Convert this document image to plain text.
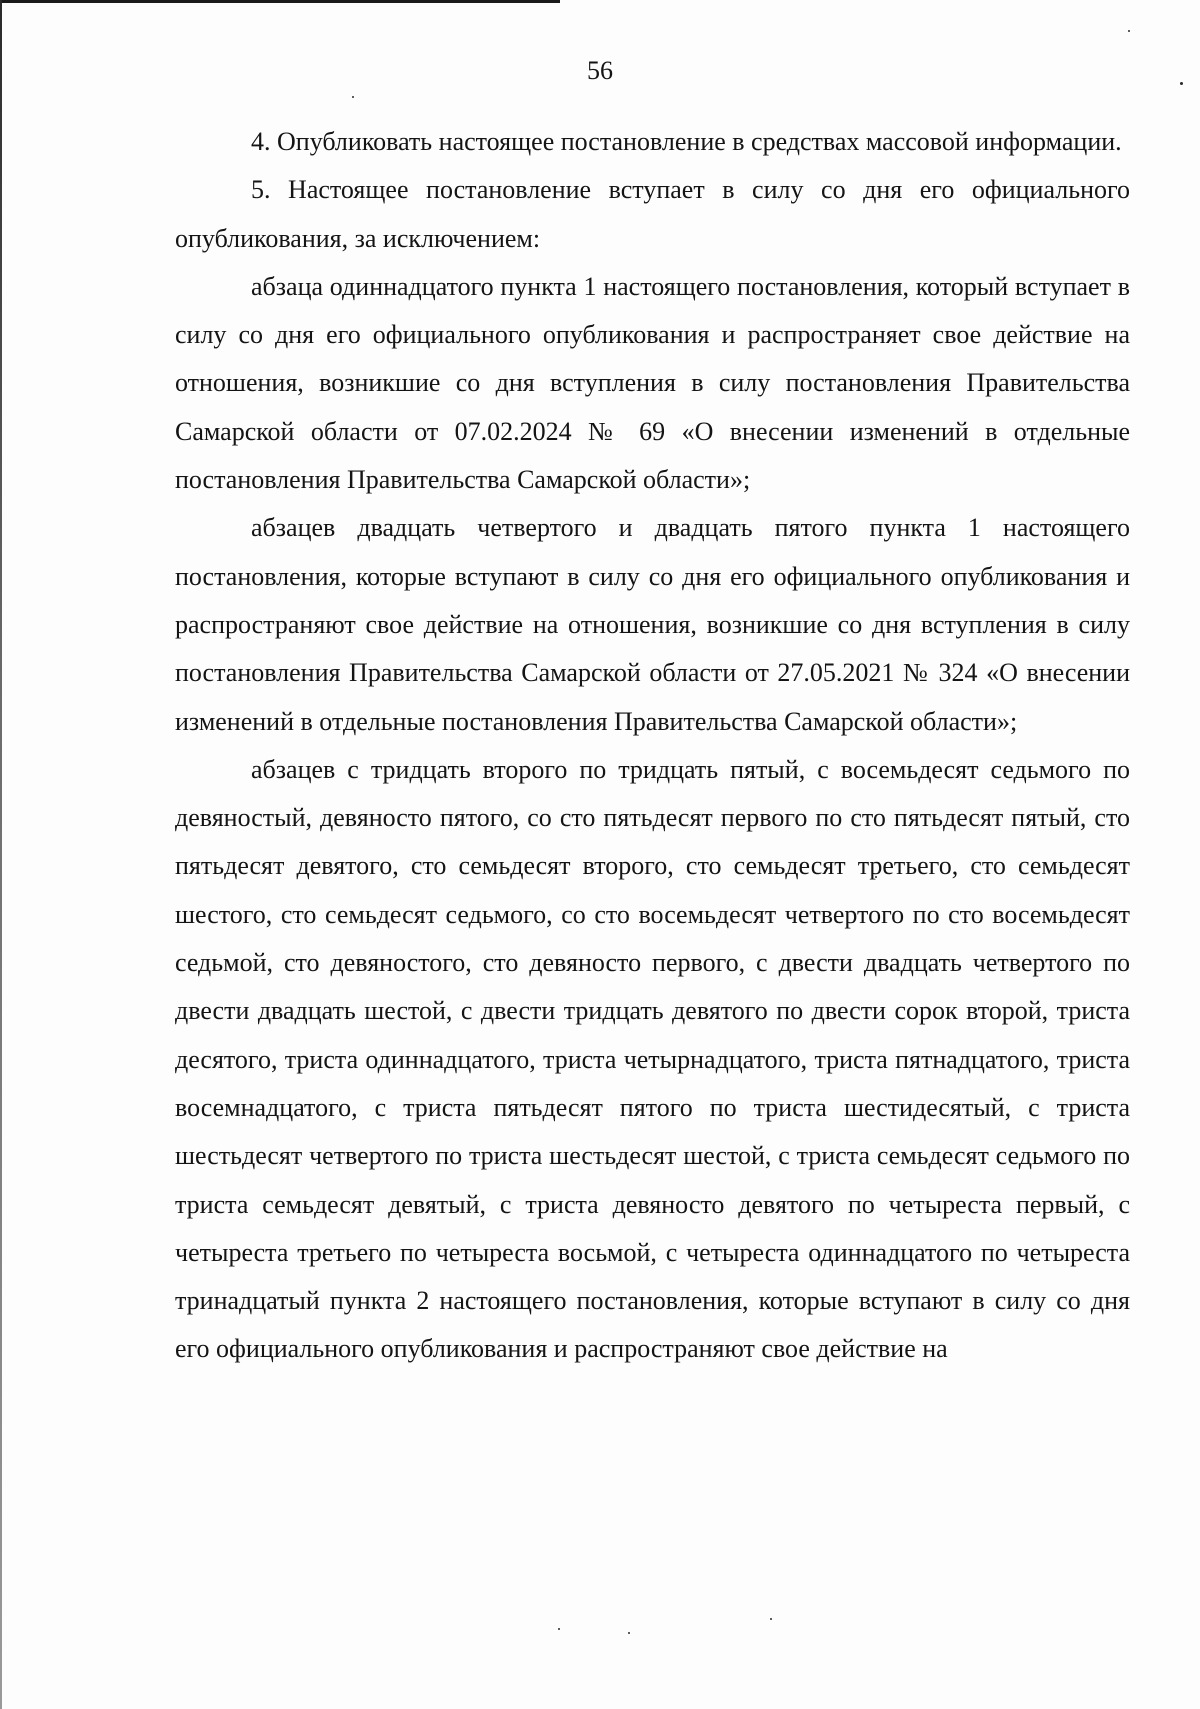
56

4. Опубликовать настоящее постановление в средствах массовой информации.

5. Настоящее постановление вступает в силу со дня его официального опубликования, за исключением:

абзаца одиннадцатого пункта 1 настоящего постановления, который вступает в силу со дня его официального опубликования и распространяет свое действие на отношения, возникшие со дня вступления в силу постановления Правительства Самарской области от 07.02.2024 № 69 «О внесении изменений в отдельные постановления Правительства Самарской области»;

абзацев двадцать четвертого и двадцать пятого пункта 1 настоящего постановления, которые вступают в силу со дня его официального опубликования и распространяют свое действие на отношения, возникшие со дня вступления в силу постановления Правительства Самарской области от 27.05.2021 № 324 «О внесении изменений в отдельные постановления Правительства Самарской области»;

абзацев с тридцать второго по тридцать пятый, с восемьдесят седьмого по девяностый, девяносто пятого, со сто пятьдесят первого по сто пятьдесят пятый, сто пятьдесят девятого, сто семьдесят второго, сто семьдесят третьего, сто семьдесят шестого, сто семьдесят седьмого, со сто восемьдесят четвертого по сто восемьдесят седьмой, сто девяностого, сто девяносто первого, с двести двадцать четвертого по двести двадцать шестой, с двести тридцать девятого по двести сорок второй, триста десятого, триста одиннадцатого, триста четырнадцатого, триста пятнадцатого, триста восемнадцатого, с триста пятьдесят пятого по триста шестидесятый, с триста шестьдесят четвертого по триста шестьдесят шестой, с триста семьдесят седьмого по триста семьдесят девятый, с триста девяносто девятого по четыреста первый, с четыреста третьего по четыреста восьмой, с четыреста одиннадцатого по четыреста тринадцатый пункта 2 настоящего постановления, которые вступают в силу со дня его официального опубликования и распространяют свое действие на
